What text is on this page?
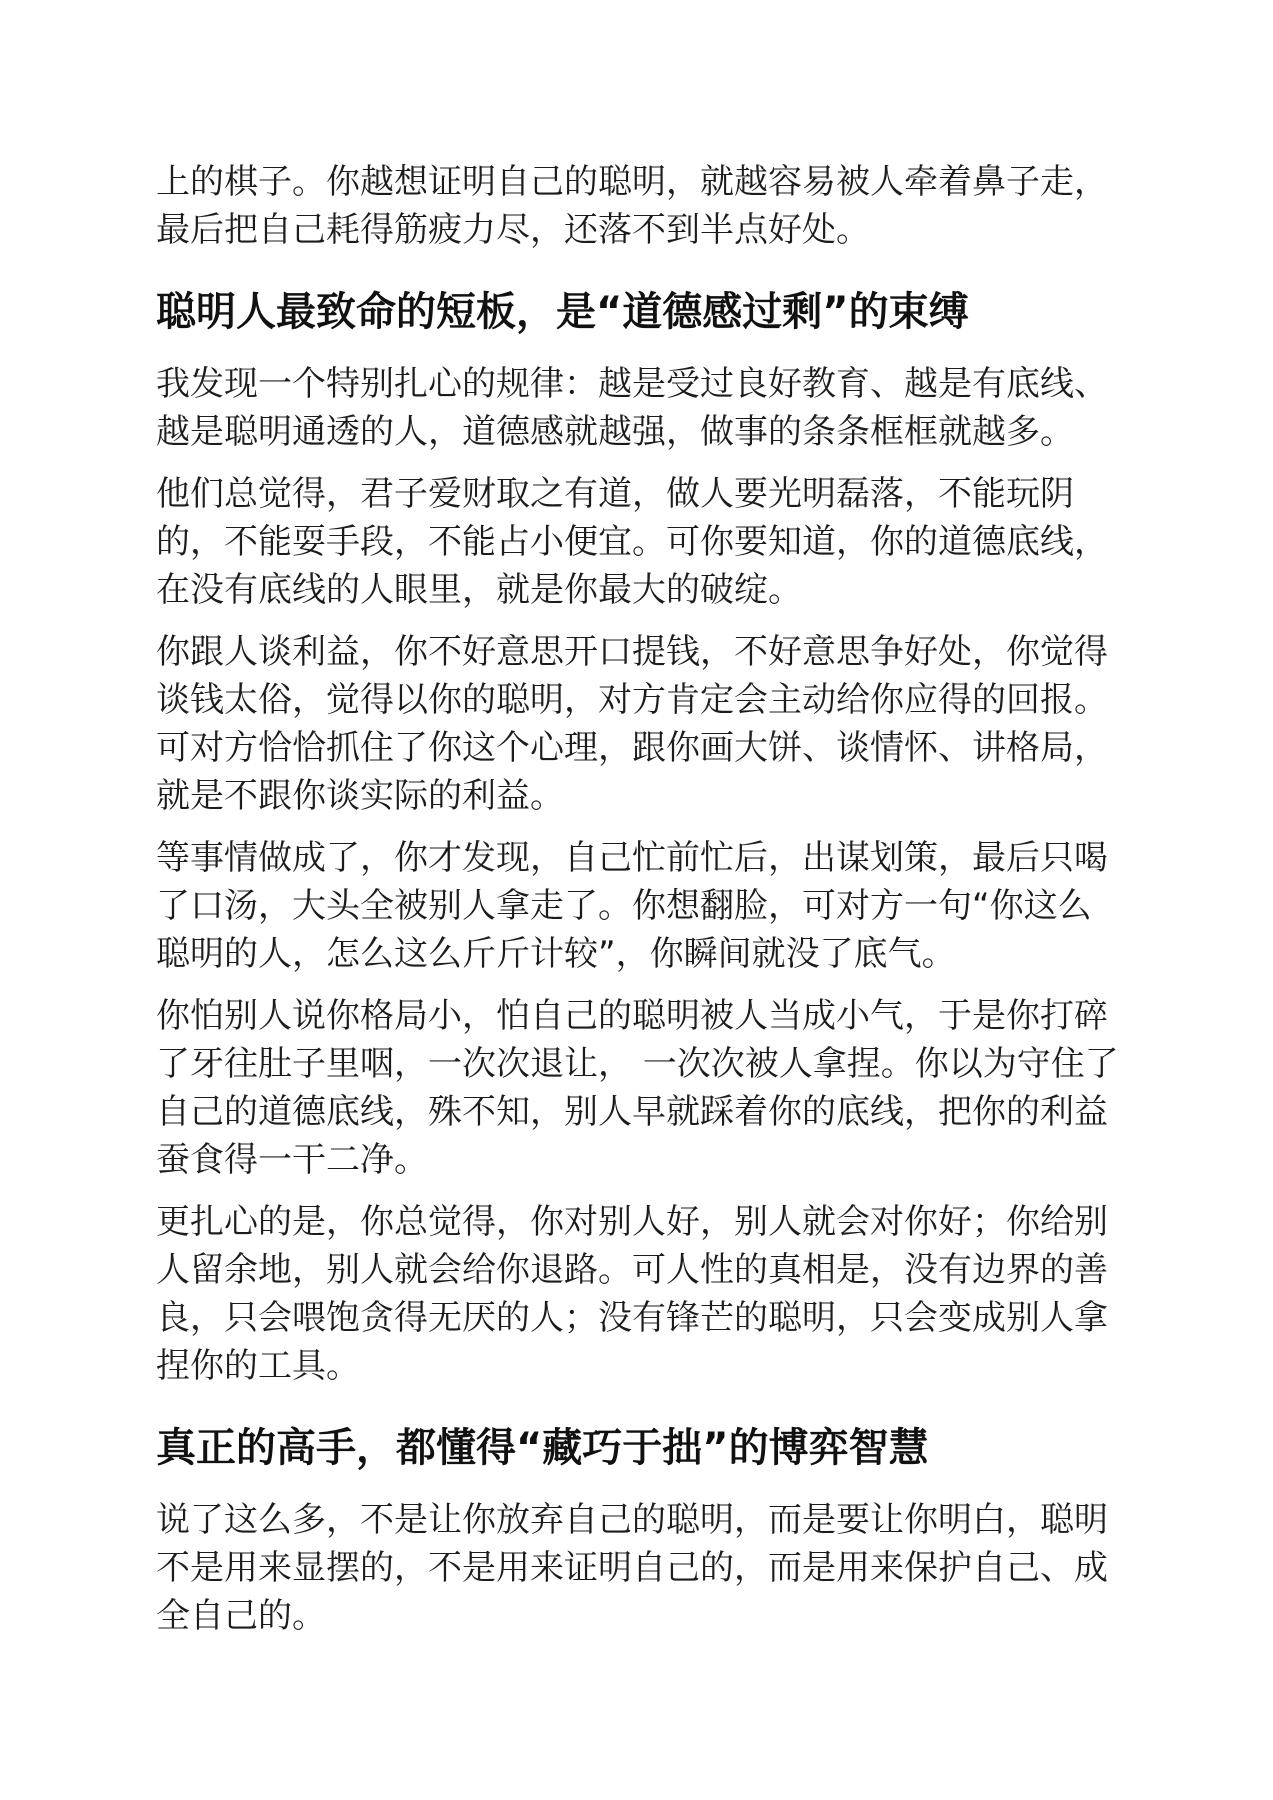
上的棋子。你越想证明自己的聪明，就越容易被人牵着鼻子走，
最后把自己耗得筋疲力尽，还落不到半点好处。

聪明人最致命的短板，是“道德感过剩”的束缚

我发现一个特别扎心的规律：越是受过良好教育、越是有底线、
越是聪明通透的人，道德感就越强，做事的条条框框就越多。

他们总觉得，君子爱财取之有道，做人要光明磊落，不能玩阴
的，不能耍手段，不能占小便宜。可你要知道，你的道德底线，
在没有底线的人眼里，就是你最大的破绽。

你跟人谈利益，你不好意思开口提钱，不好意思争好处，你觉得
谈钱太俗，觉得以你的聪明，对方肯定会主动给你应得的回报。
可对方恰恰抓住了你这个心理，跟你画大饼、谈情怀、讲格局，
就是不跟你谈实际的利益。

等事情做成了，你才发现，自己忙前忙后，出谋划策，最后只喝
了口汤，大头全被别人拿走了。你想翻脸，可对方一句“你这么
聪明的人，怎么这么斤斤计较”，你瞬间就没了底气。

你怕别人说你格局小，怕自己的聪明被人当成小气，于是你打碎
了牙往肚子里咽，一次次退让， 一次次被人拿捏。你以为守住了
自己的道德底线，殊不知，别人早就踩着你的底线，把你的利益
蚕食得一干二净。

更扎心的是，你总觉得，你对别人好，别人就会对你好；你给别
人留余地，别人就会给你退路。可人性的真相是，没有边界的善
良，只会喂饱贪得无厌的人；没有锋芒的聪明，只会变成别人拿
捏你的工具。

真正的高手，都懂得“藏巧于拙”的博弈智慧

说了这么多，不是让你放弃自己的聪明，而是要让你明白，聪明
不是用来显摆的，不是用来证明自己的，而是用来保护自己、成
全自己的。
